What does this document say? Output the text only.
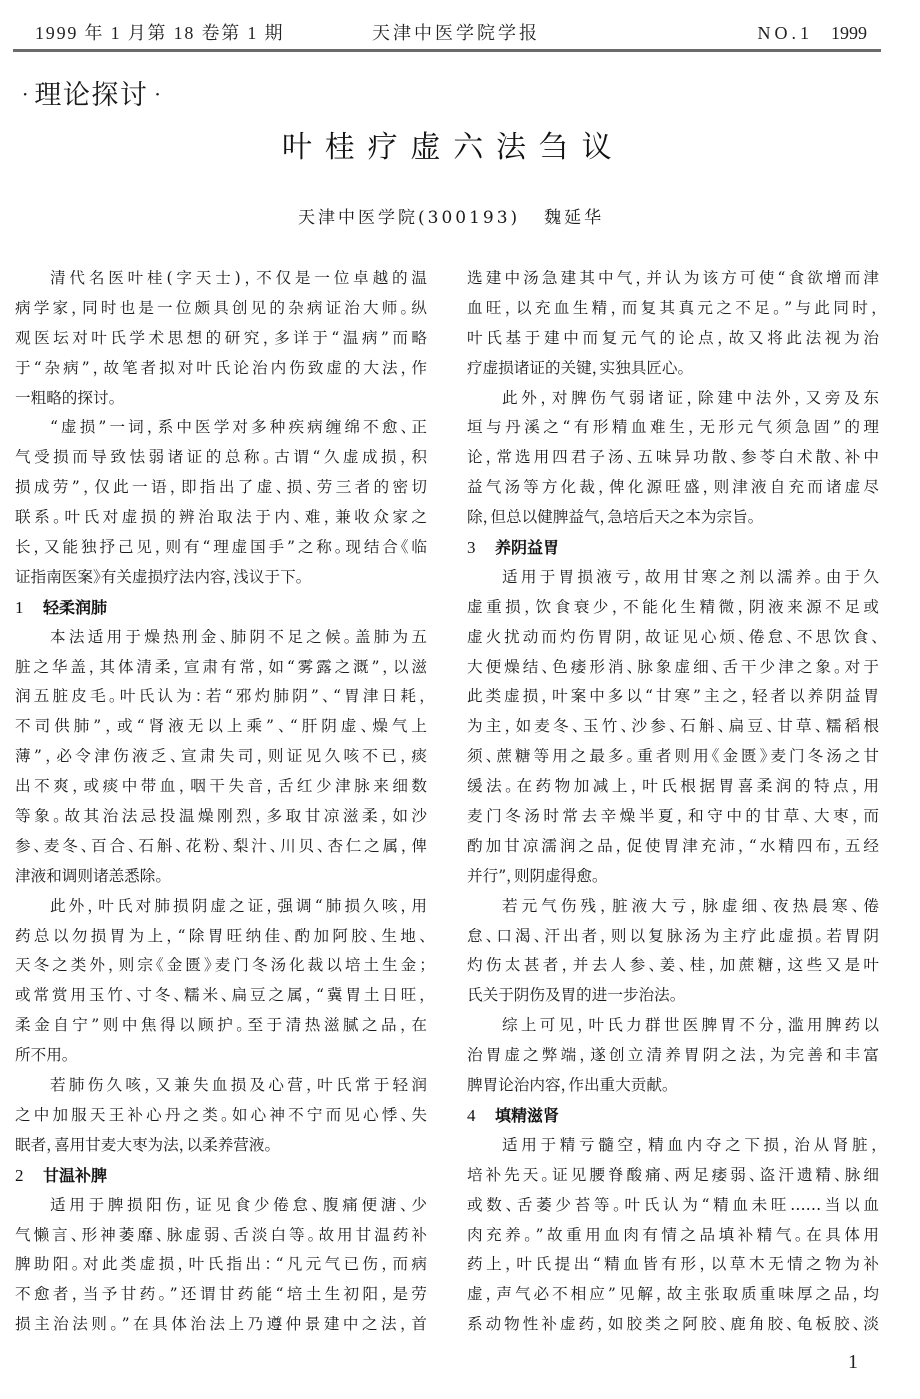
1999 年 1 月第 18 卷第 1 期	天津中医学院学报	NO.1 1999
· 理论探讨 ·
叶桂疗虚六法刍议
天津中医学院(300193) 魏延华
清代名医叶桂(字天士)，不仅是一位卓越的温
病学家，同时也是一位颇具创见的杂病证治大师。纵
观医坛对叶氏学术思想的研究，多详于“温病”而略
于“杂病”，故笔者拟对叶氏论治内伤致虚的大法，作
一粗略的探讨。
“虚损”一词，系中医学对多种疾病缠绵不愈、正
气受损而导致怯弱诸证的总称。古谓“久虚成损，积
损成劳”，仅此一语，即指出了虚、损、劳三者的密切
联系。叶氏对虚损的辨治取法于内、难，兼收众家之
长，又能独抒己见，则有“理虚国手”之称。现结合《临
证指南医案》有关虚损疗法内容，浅议于下。
1 轻柔润肺
本法适用于燥热刑金、肺阴不足之候。盖肺为五
脏之华盖，其体清柔，宣肃有常，如“雾露之溉”，以滋
润五脏皮毛。叶氏认为：若“邪灼肺阴”、“胃津日耗，
不司供肺”，或“肾液无以上乘”、“肝阴虚、燥气上
薄”，必令津伤液乏、宣肃失司，则证见久咳不已，痰
出不爽，或痰中带血，咽干失音，舌红少津脉来细数
等象。故其治法忌投温燥刚烈，多取甘凉滋柔，如沙
参、麦冬、百合、石斛、花粉、梨汁、川贝、杏仁之属，俾
津液和调则诸恙悉除。
此外，叶氏对肺损阴虚之证，强调“肺损久咳，用
药总以勿损胃为上，“除胃旺纳佳、酌加阿胶、生地、
天冬之类外，则宗《金匮》麦门冬汤化裁以培土生金；
或常赏用玉竹、寸冬、糯米、扁豆之属，“冀胃土日旺，
柔金自宁”则中焦得以顾护。至于清热滋腻之品，在
所不用。
若肺伤久咳，又兼失血损及心营，叶氏常于轻润
之中加服天王补心丹之类。如心神不宁而见心悸、失
眠者，喜用甘麦大枣为法，以柔养营液。
2 甘温补脾
适用于脾损阳伤，证见食少倦怠、腹痛便溏、少
气懒言、形神萎靡、脉虚弱、舌淡白等。故用甘温药补
脾助阳。对此类虚损，叶氏指出：“凡元气已伤，而病
不愈者，当予甘药。”还谓甘药能“培土生初阳，是劳
损主治法则。”在具体治法上乃遵仲景建中之法，首
选建中汤急建其中气，并认为该方可使“食欲增而津
血旺，以充血生精，而复其真元之不足。”与此同时，
叶氏基于建中而复元气的论点，故又将此法视为治
疗虚损诸证的关键，实独具匠心。
此外，对脾伤气弱诸证，除建中法外，又旁及东
垣与丹溪之“有形精血难生，无形元气须急固”的理
论，常选用四君子汤、五味异功散、参苓白术散、补中
益气汤等方化裁，俾化源旺盛，则津液自充而诸虚尽
除，但总以健脾益气，急培后天之本为宗旨。
3 养阴益胃
适用于胃损液亏，故用甘寒之剂以濡养。由于久
虚重损，饮食衰少，不能化生精微，阴液来源不足或
虚火扰动而灼伤胃阴，故证见心烦、倦怠、不思饮食、
大便燥结、色痿形消、脉象虚细、舌干少津之象。对于
此类虚损，叶案中多以“甘寒”主之，轻者以养阴益胃
为主，如麦冬、玉竹、沙参、石斛、扁豆、甘草、糯稻根
须、蔗糖等用之最多。重者则用《金匮》麦门冬汤之甘
缓法。在药物加减上，叶氏根据胃喜柔润的特点，用
麦门冬汤时常去辛燥半夏，和守中的甘草、大枣，而
酌加甘凉濡润之品，促使胃津充沛，“水精四布，五经
并行”，则阴虚得愈。
若元气伤残，脏液大亏，脉虚细、夜热晨寒、倦
怠、口渴、汗出者，则以复脉汤为主疗此虚损。若胃阴
灼伤太甚者，并去人参、姜、桂，加蔗糖，这些又是叶
氏关于阴伤及胃的进一步治法。
综上可见，叶氏力群世医脾胃不分，滥用脾药以
治胃虚之弊端，遂创立清养胃阴之法，为完善和丰富
脾胃论治内容，作出重大贡献。
4 填精滋肾
适用于精亏髓空，精血内夺之下损，治从肾脏，
培补先天。证见腰脊酸痛、两足痿弱、盗汗遗精、脉细
或数、舌萎少苔等。叶氏认为“精血未旺……当以血
肉充养。”故重用血肉有情之品填补精气。在具体用
药上，叶氏提出“精血皆有形，以草木无情之物为补
虚，声气必不相应”见解，故主张取质重味厚之品，均
系动物性补虚药，如胶类之阿胶、鹿角胶、龟板胶、淡
1
